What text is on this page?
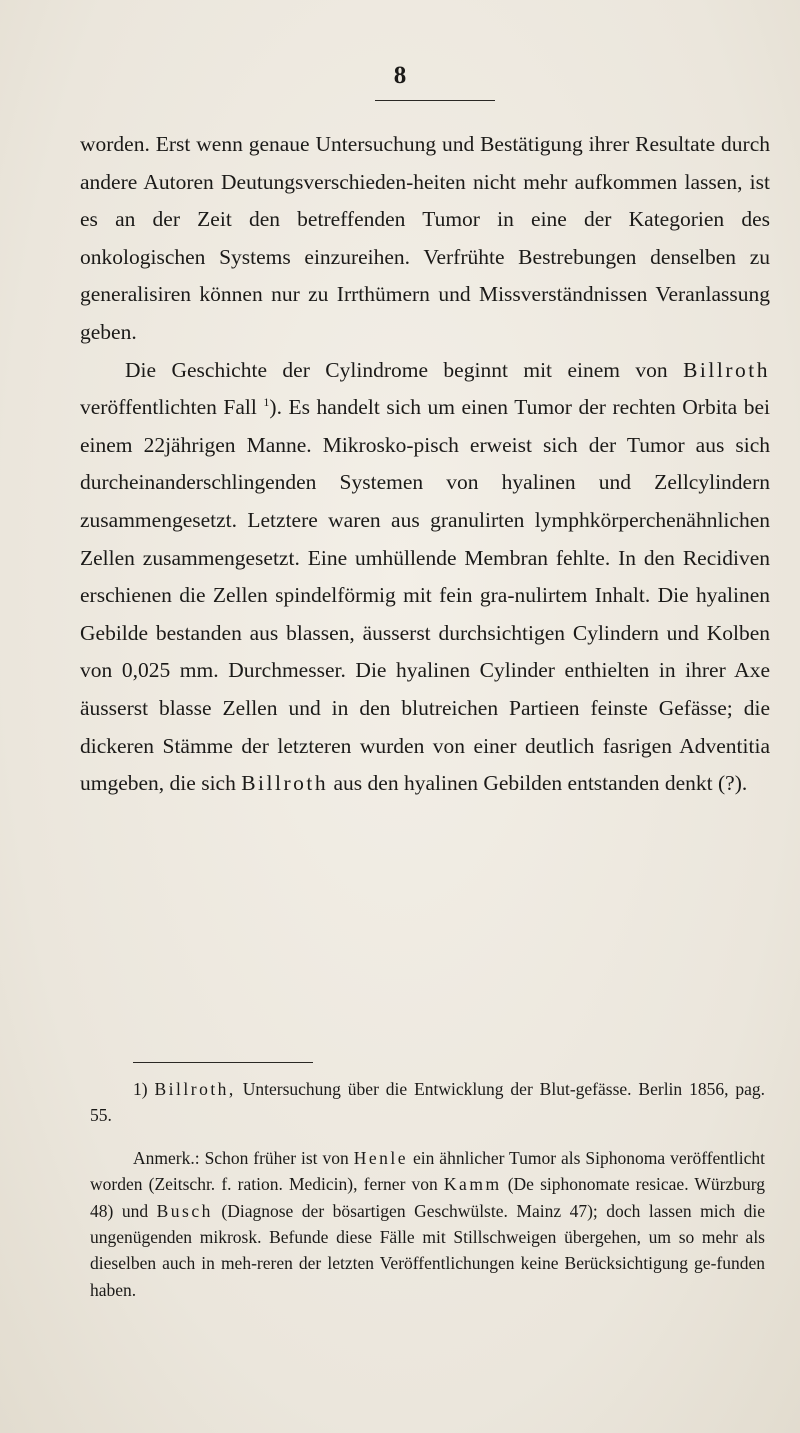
8

worden. Erst wenn genaue Untersuchung und Bestätigung ihrer Resultate durch andere Autoren Deutungsverschieden-heiten nicht mehr aufkommen lassen, ist es an der Zeit den betreffenden Tumor in eine der Kategorien des onkologischen Systems einzureihen. Verfrühte Bestrebungen denselben zu generalisiren können nur zu Irrthümern und Missverständnissen Veranlassung geben.

Die Geschichte der Cylindrome beginnt mit einem von Billroth veröffentlichten Fall $^1$). Es handelt sich um einen Tumor der rechten Orbita bei einem 22jährigen Manne. Mikrosko-pisch erweist sich der Tumor aus sich durcheinanderschlingenden Systemen von hyalinen und Zellcylindern zusammengesetzt. Letztere waren aus granulirten lymphkörperchenähnlichen Zellen zusammengesetzt. Eine umhüllende Membran fehlte. In den Recidiven erschienen die Zellen spindelförmig mit fein gra-nulirtem Inhalt. Die hyalinen Gebilde bestanden aus blassen, äusserst durchsichtigen Cylindern und Kolben von 0,025 mm. Durchmesser. Die hyalinen Cylinder enthielten in ihrer Axe äusserst blasse Zellen und in den blutreichen Partieen feinste Gefässe; die dickeren Stämme der letzteren wurden von einer deutlich fasrigen Adventitia umgeben, die sich Billroth aus den hyalinen Gebilden entstanden denkt (?).

1) Billroth, Untersuchung über die Entwicklung der Blut-gefässe. Berlin 1856, pag. 55.

Anmerk.: Schon früher ist von Henle ein ähnlicher Tumor als Siphonoma veröffentlicht worden (Zeitschr. f. ration. Medicin), ferner von Kamm (De siphonomate resicae. Würzburg 48) und Busch (Diagnose der bösartigen Geschwülste. Mainz 47); doch lassen mich die ungenügenden mikrosk. Befunde diese Fälle mit Stillschweigen übergehen, um so mehr als dieselben auch in meh-reren der letzten Veröffentlichungen keine Berücksichtigung ge-funden haben.
